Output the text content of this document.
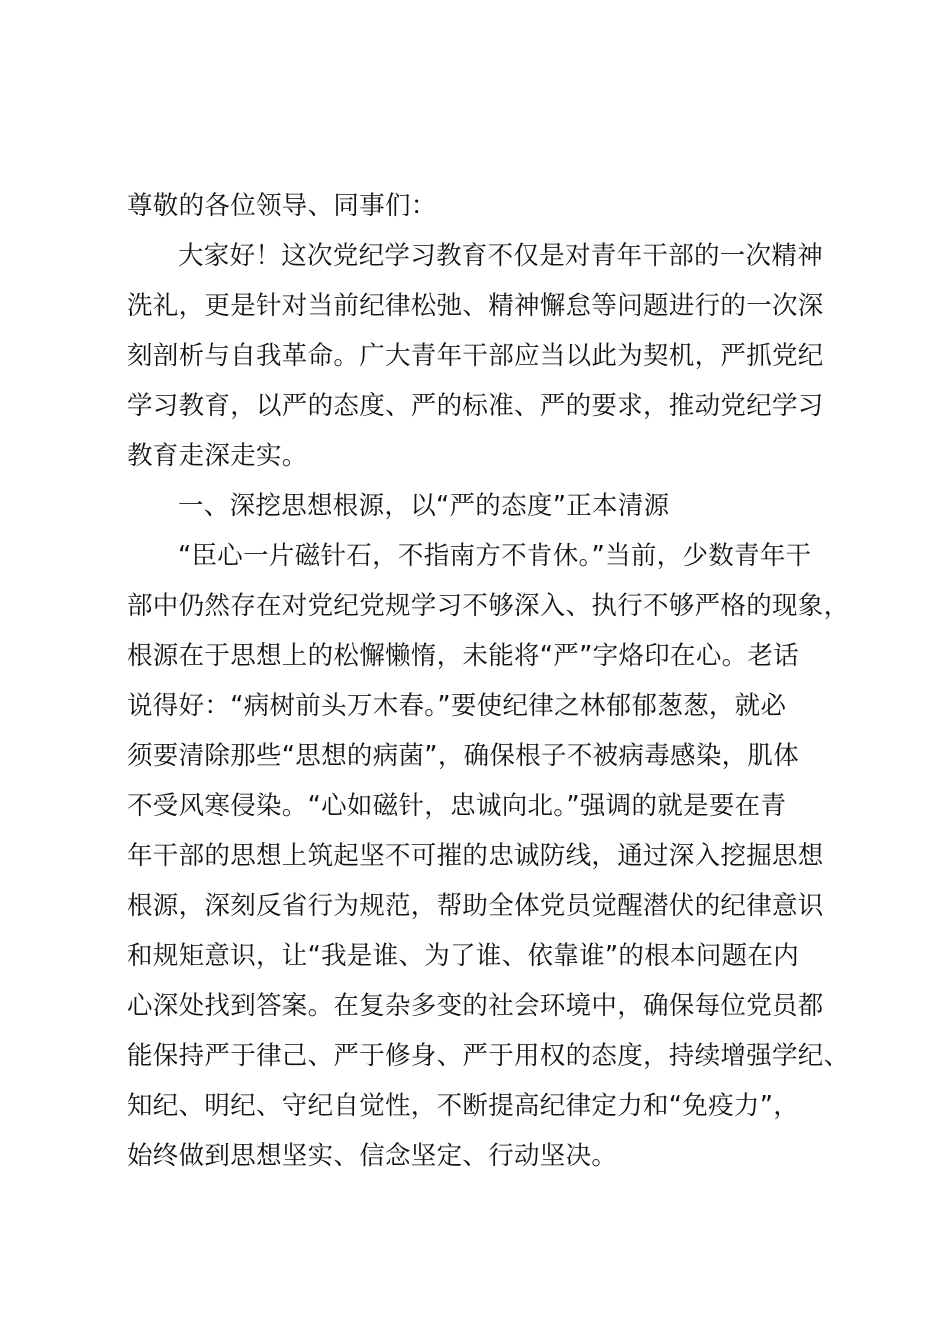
尊敬的各位领导、同事们：
大家好！这次党纪学习教育不仅是对青年干部的一次精神
洗礼，更是针对当前纪律松弛、精神懈怠等问题进行的一次深
刻剖析与自我革命。广大青年干部应当以此为契机，严抓党纪
学习教育，以严的态度、严的标准、严的要求，推动党纪学习
教育走深走实。
一、深挖思想根源，以“严的态度”正本清源
“臣心一片磁针石，不指南方不肯休。”当前，少数青年干
部中仍然存在对党纪党规学习不够深入、执行不够严格的现象，
根源在于思想上的松懈懒惰，未能将“严”字烙印在心。老话
说得好：“病树前头万木春。”要使纪律之林郁郁葱葱，就必
须要清除那些“思想的病菌”，确保根子不被病毒感染，肌体
不受风寒侵染。“心如磁针，忠诚向北。”强调的就是要在青
年干部的思想上筑起坚不可摧的忠诚防线，通过深入挖掘思想
根源，深刻反省行为规范，帮助全体党员觉醒潜伏的纪律意识
和规矩意识，让“我是谁、为了谁、依靠谁”的根本问题在内
心深处找到答案。在复杂多变的社会环境中，确保每位党员都
能保持严于律己、严于修身、严于用权的态度，持续增强学纪、
知纪、明纪、守纪自觉性，不断提高纪律定力和“免疫力”，
始终做到思想坚实、信念坚定、行动坚决。
